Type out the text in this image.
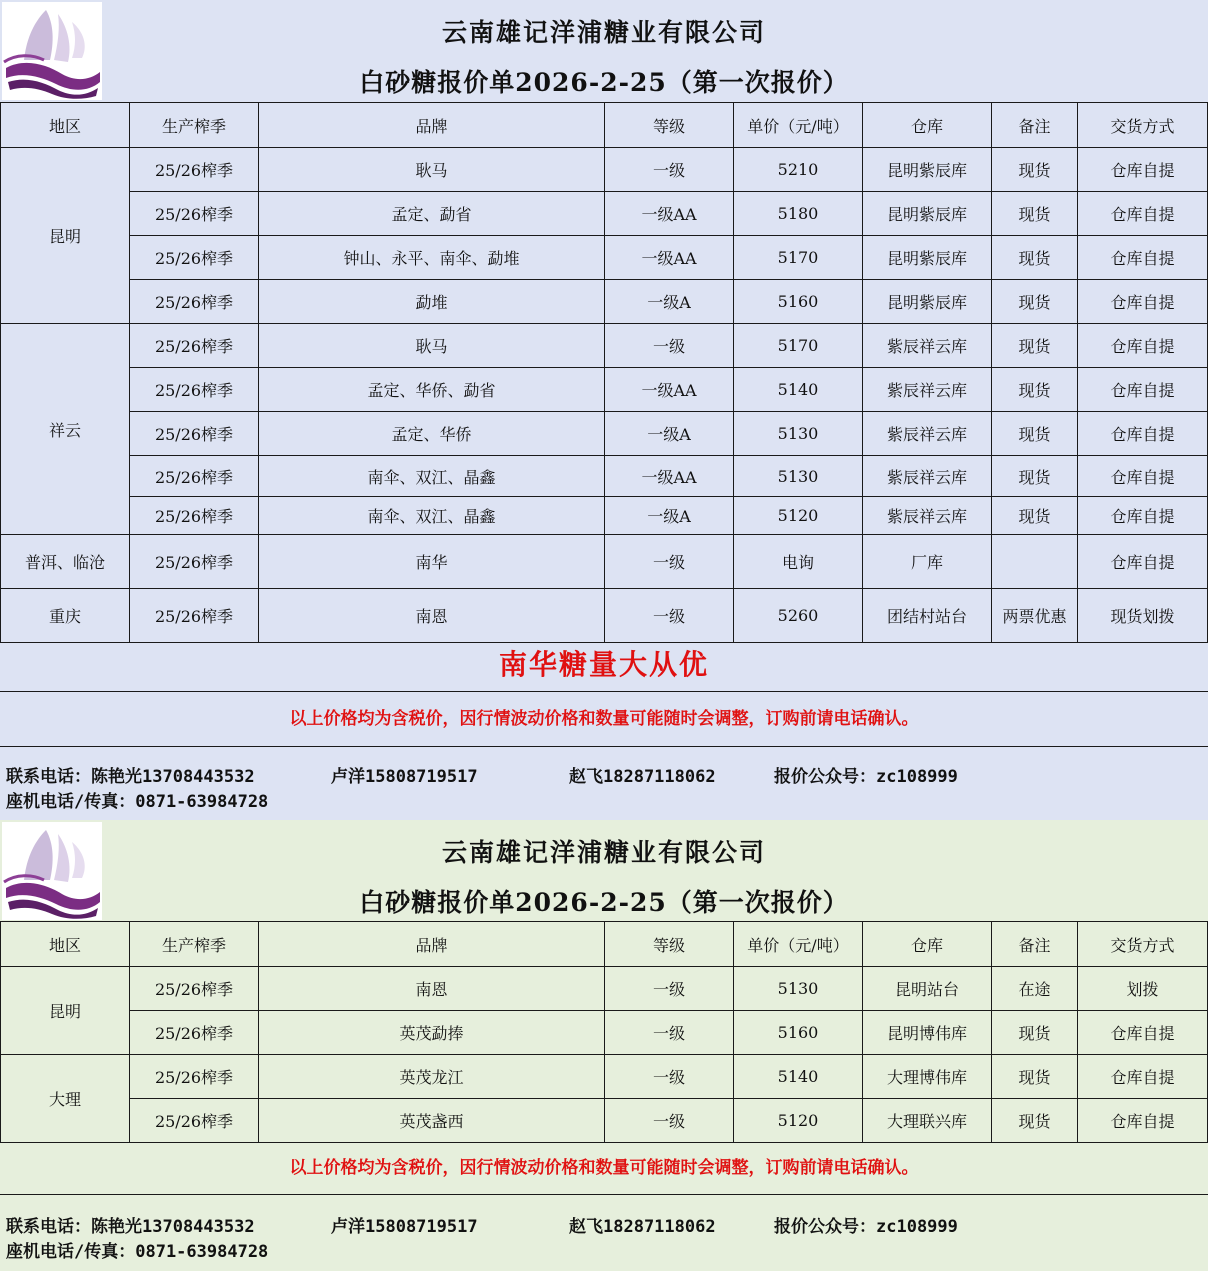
云南雄记洋浦糖业有限公司
白砂糖报价单2026-2-25（第一次报价）
地区	生产榨季	品牌	等级	单价（元/吨）	仓库	备注	交货方式
昆明	25/26榨季	耿马	一级	5210	昆明紫辰库	现货	仓库自提
	25/26榨季	孟定、勐省	一级AA	5180	昆明紫辰库	现货	仓库自提
	25/26榨季	钟山、永平、南伞、勐堆	一级AA	5170	昆明紫辰库	现货	仓库自提
	25/26榨季	勐堆	一级A	5160	昆明紫辰库	现货	仓库自提
祥云	25/26榨季	耿马	一级	5170	紫辰祥云库	现货	仓库自提
	25/26榨季	孟定、华侨、勐省	一级AA	5140	紫辰祥云库	现货	仓库自提
	25/26榨季	孟定、华侨	一级A	5130	紫辰祥云库	现货	仓库自提
	25/26榨季	南伞、双江、晶鑫	一级AA	5130	紫辰祥云库	现货	仓库自提
	25/26榨季	南伞、双江、晶鑫	一级A	5120	紫辰祥云库	现货	仓库自提
普洱、临沧	25/26榨季	南华	一级	电询	厂库		仓库自提
重庆	25/26榨季	南恩	一级	5260	团结村站台	两票优惠	现货划拨
南华糖量大从优
以上价格均为含税价，因行情波动价格和数量可能随时会调整，订购前请电话确认。
联系电话：陈艳光13708443532	卢洋15808719517	赵飞18287118062	报价公众号：zc108999
座机电话/传真：0871-63984728
云南雄记洋浦糖业有限公司
白砂糖报价单2026-2-25（第一次报价）
地区	生产榨季	品牌	等级	单价（元/吨）	仓库	备注	交货方式
昆明	25/26榨季	南恩	一级	5130	昆明站台	在途	划拨
	25/26榨季	英茂勐捧	一级	5160	昆明博伟库	现货	仓库自提
大理	25/26榨季	英茂龙江	一级	5140	大理博伟库	现货	仓库自提
	25/26榨季	英茂盏西	一级	5120	大理联兴库	现货	仓库自提
以上价格均为含税价，因行情波动价格和数量可能随时会调整，订购前请电话确认。
联系电话：陈艳光13708443532	卢洋15808719517	赵飞18287118062	报价公众号：zc108999
座机电话/传真：0871-63984728
